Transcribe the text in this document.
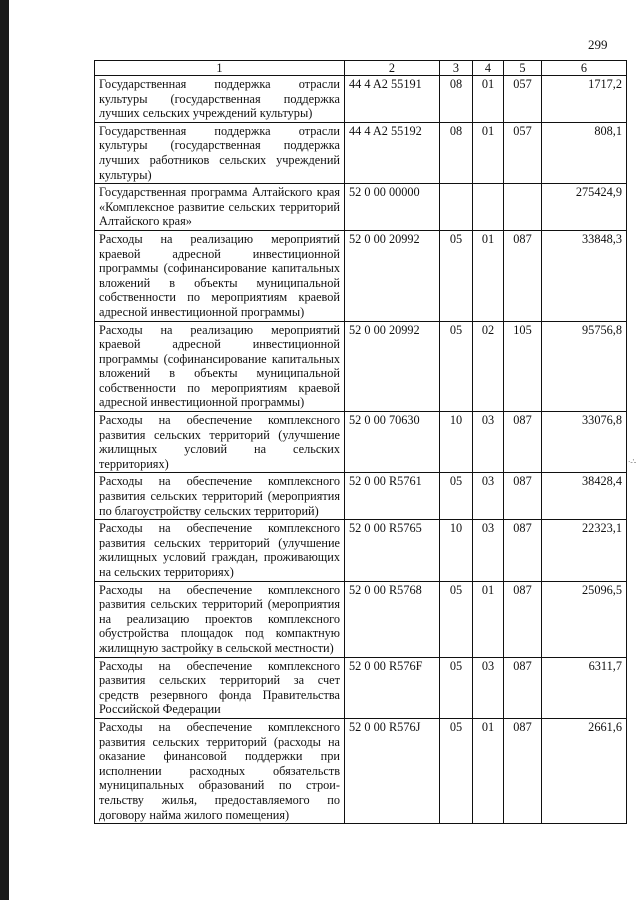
299
·-'-
1	2	3	4	5	6
Государственная поддержка отрасли культуры (государственная поддержка лучших сельских учреждений культуры)	44 4 A2 55191	08	01	057	1717,2
Государственная поддержка отрасли культуры (государственная поддержка лучших работников сельских учреждений культуры)	44 4 A2 55192	08	01	057	808,1
Государственная программа Алтайского края «Комплексное развитие сельских территорий Алтайского края»	52 0 00 00000				275424,9
Расходы на реализацию мероприятий краевой адресной инвестиционной программы (софинансирование капитальных вложений в объекты муниципальной собственности по мероприятиям краевой адресной инвестиционной программы)	52 0 00 20992	05	01	087	33848,3
Расходы на реализацию мероприятий краевой адресной инвестиционной программы (софинансирование капитальных вложений в объекты муниципальной собственности по мероприятиям краевой адресной инвестиционной программы)	52 0 00 20992	05	02	105	95756,8
Расходы на обеспечение комплексного развития сельских территорий (улучшение жилищных условий на сельских территориях)	52 0 00 70630	10	03	087	33076,8
Расходы на обеспечение комплексного развития сельских территорий (мероприятия по благоустройству сельских территорий)	52 0 00 R5761	05	03	087	38428,4
Расходы на обеспечение комплексного развития сельских территорий (улучшение жилищных условий граждан, проживающих на сельских территориях)	52 0 00 R5765	10	03	087	22323,1
Расходы на обеспечение комплексного развития сельских территорий (мероприятия на реализацию проектов комплексного обустройства площадок под компактную жилищную застройку в сельской местности)	52 0 00 R5768	05	01	087	25096,5
Расходы на обеспечение комплексного развития сельских территорий за счет средств резервного фонда Правительства Российской Федерации	52 0 00 R576F	05	03	087	6311,7
Расходы на обеспечение комплексного развития сельских территорий (расходы на оказание финансовой поддержки при исполнении расходных обязательств муниципальных образований по строительству жилья, предоставляемого по договору найма жилого помещения)	52 0 00 R576J	05	01	087	2661,6
